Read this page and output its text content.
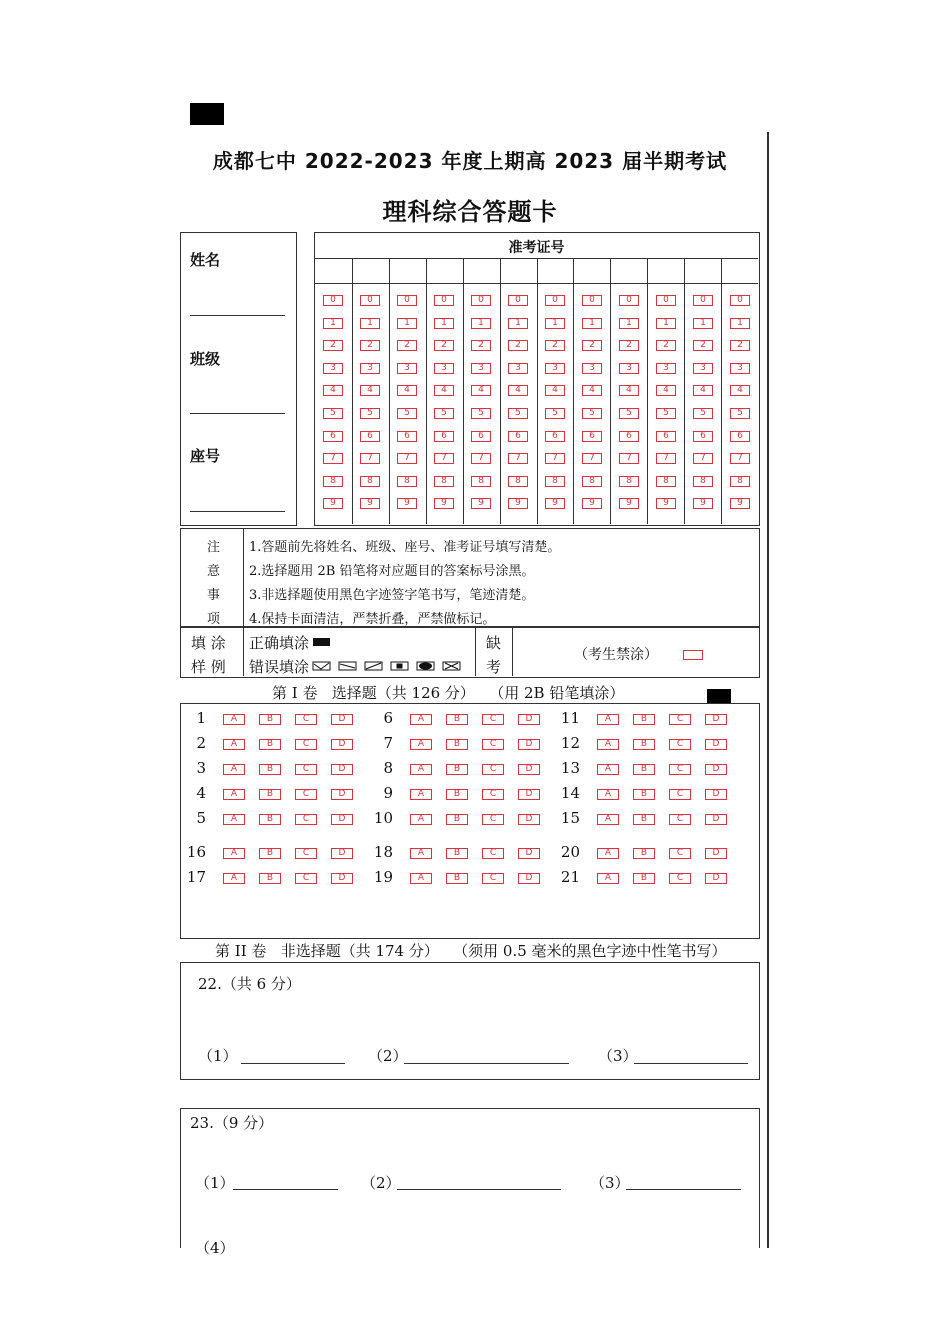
成都七中 2022-2023 年度上期高 2023 届半期考试
理科综合答题卡
姓名
班级
座号
准考证号
0	0	0	0	0	0	0	0	0	0	0	0
1	1	1	1	1	1	1	1	1	1	1	1
2	2	2	2	2	2	2	2	2	2	2	2
3	3	3	3	3	3	3	3	3	3	3	3
4	4	4	4	4	4	4	4	4	4	4	4
5	5	5	5	5	5	5	5	5	5	5	5
6	6	6	6	6	6	6	6	6	6	6	6
7	7	7	7	7	7	7	7	7	7	7	7
8	8	8	8	8	8	8	8	8	8	8	8
9	9	9	9	9	9	9	9	9	9	9	9
注
意
事
项
1.答题前先将姓名、班级、座号、准考证号填写清楚。
2.选择题用 2B 铅笔将对应题目的答案标号涂黑。
3.非选择题使用黑色字迹签字笔书写，笔迹清楚。
4.保持卡面清洁，严禁折叠，严禁做标记。
填 涂
样 例
正确填涂
错误填涂
缺
考
（考生禁涂）
第 I 卷   选择题（共 126 分）   （用 2B 铅笔填涂）
1	A	B	C	D
2	A	B	C	D
3	A	B	C	D
4	A	B	C	D
5	A	B	C	D
6	A	B	C	D
7	A	B	C	D
8	A	B	C	D
9	A	B	C	D
10	A	B	C	D
11	A	B	C	D
12	A	B	C	D
13	A	B	C	D
14	A	B	C	D
15	A	B	C	D
16	A	B	C	D
17	A	B	C	D
18	A	B	C	D
19	A	B	C	D
20	A	B	C	D
21	A	B	C	D
第 II 卷   非选择题（共 174 分）   （须用 0.5 毫米的黑色字迹中性笔书写）
22.（共 6 分）
（1）	（2）	（3）
23.（9 分）
（1）	（2）	（3）
（4）
